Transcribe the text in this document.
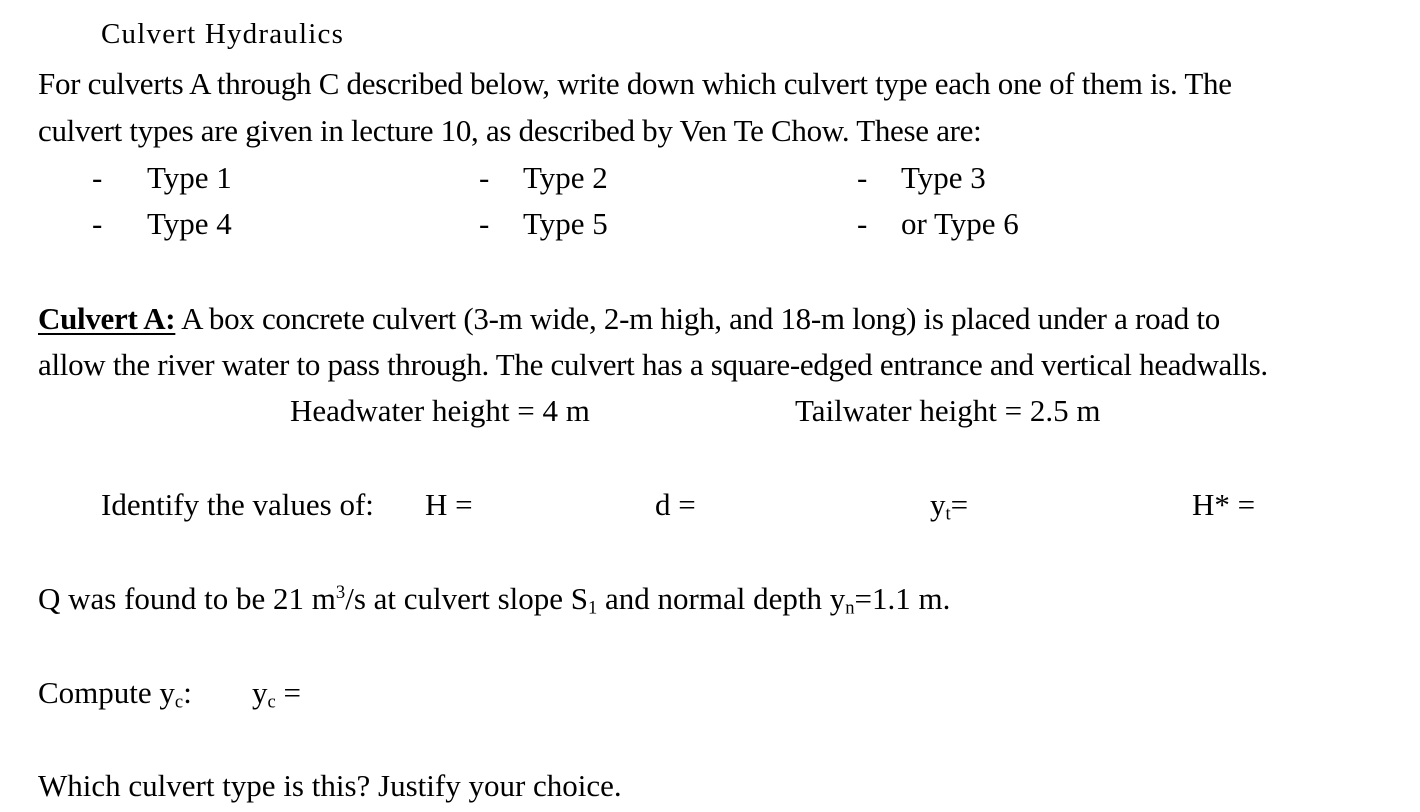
Culvert Hydraulics
For culverts A through C described below, write down which culvert type each one of them is. The
culvert types are given in lecture 10, as described by Ven Te Chow. These are:
- Type 1	- Type 2	- Type 3
- Type 4	- Type 5	- or Type 6
Culvert A: A box concrete culvert (3-m wide, 2-m high, and 18-m long) is placed under a road to
allow the river water to pass through. The culvert has a square-edged entrance and vertical headwalls.
Headwater height = 4 m	Tailwater height = 2.5 m
Identify the values of: H =	d =	$y_t=$	H* =
Q was found to be 21 $m^3/s$ at culvert slope $S_1$ and normal depth $y_n=1.1$ m.
Compute $y_c$: $y_c$ =
Which culvert type is this? Justify your choice.
